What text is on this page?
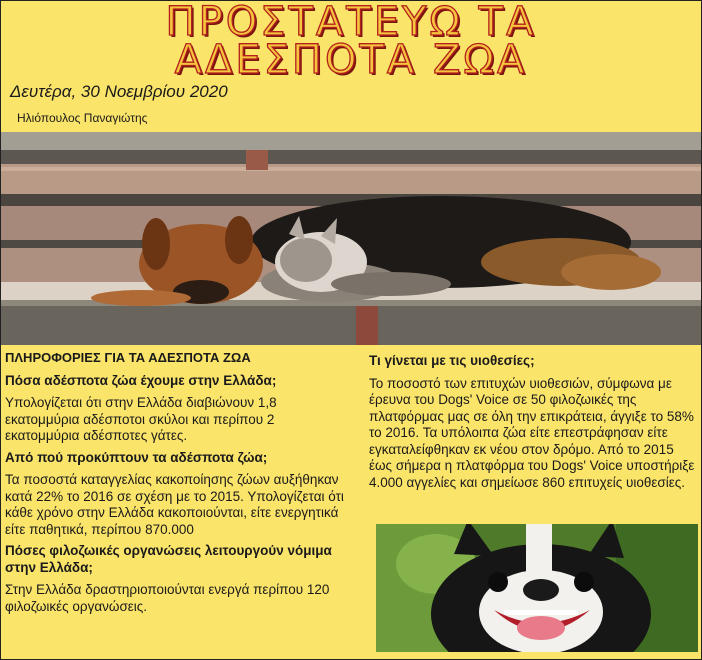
ΠΡΟΣΤΑΤΕΥΩ ΤΑ
ΑΔΕΣΠΟΤΑ ΖΩΑ

Δευτέρα, 30 Νοεμβρίου 2020

Ηλιόπουλος Παναγιώτης

ΠΛΗΡΟΦΟΡΙΕΣ ΓΙΑ ΤΑ ΑΔΕΣΠΟΤΑ ΖΩΑ

Πόσα αδέσποτα ζώα έχουμε στην Ελλάδα;

Υπολογίζεται ότι στην Ελλάδα διαβιώνουν 1,8 εκατομμύρια αδέσποτοι σκύλοι και περίπου 2 εκατομμύρια αδέσποτες γάτες.

Από πού προκύπτουν τα αδέσποτα ζώα;

Τα ποσοστά καταγγελίας κακοποίησης ζώων αυξήθηκαν κατά 22% το 2016 σε σχέση με το 2015. Υπολογίζεται ότι κάθε χρόνο στην Ελλάδα κακοποιούνται, είτε ενεργητικά είτε παθητικά, περίπου 870.000

Πόσες φιλοζωικές οργανώσεις λειτουργούν νόμιμα στην Ελλάδα;

Στην Ελλάδα δραστηριοποιούνται ενεργά περίπου 120 φιλοζωικές οργανώσεις.

Τι γίνεται με τις υιοθεσίες;

Το ποσοστό των επιτυχών υιοθεσιών, σύμφωνα με έρευνα του Dogs' Voice σε 50 φιλοζωικές της πλατφόρμας μας σε όλη την επικράτεια, άγγιξε το 58% το 2016. Τα υπόλοιπα ζώα είτε επεστράφησαν είτε εγκαταλείφθηκαν εκ νέου στον δρόμο. Από το 2015 έως σήμερα η πλατφόρμα του Dogs' Voice υποστήριξε 4.000 αγγελίες και σημείωσε 860 επιτυχείς υιοθεσίες.
